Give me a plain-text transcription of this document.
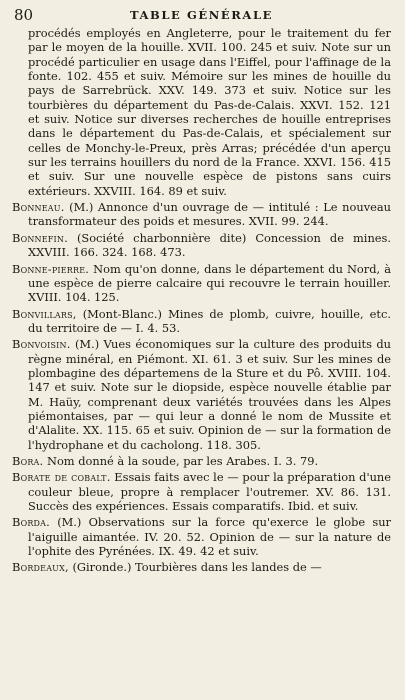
80	TABLE GÉNÉRALE

procédés employés en Angleterre, pour le traitement du fer par le moyen de la houille. XVII. 100. 245 et suiv. Note sur un procédé particulier en usage dans l'Eiffel, pour l'affinage de la fonte. 102. 455 et suiv. Mémoire sur les mines de houille du pays de Sarrebrück. XXV. 149. 373 et suiv. Notice sur les tourbières du département du Pas-de-Calais. XXVI. 152. 121 et suiv. Notice sur diverses recherches de houille entreprises dans le département du Pas-de-Calais, et spécialement sur celles de Monchy-le-Preux, près Arras; précédée d'un aperçu sur les terrains houillers du nord de la France. XXVI. 156. 415 et suiv. Sur une nouvelle espèce de pistons sans cuirs extérieurs. XXVIII. 164. 89 et suiv.

Bonneau. (M.) Annonce d'un ouvrage de — intitulé : Le nouveau transformateur des poids et mesures. XVII. 99. 244.

Bonnefin. (Société charbonnière dite) Concession de mines. XXVIII. 166. 324. 168. 473.

Bonne-pierre. Nom qu'on donne, dans le département du Nord, à une espèce de pierre calcaire qui recouvre le terrain houiller. XVIII. 104. 125.

Bonvillars, (Mont-Blanc.) Mines de plomb, cuivre, houille, etc. du territoire de — I. 4. 53.

Bonvoisin. (M.) Vues économiques sur la culture des produits du règne minéral, en Piémont. XI. 61. 3 et suiv. Sur les mines de plombagine des départemens de la Sture et du Pô. XVIII. 104. 147 et suiv. Note sur le diopside, espèce nouvelle établie par M. Haüy, comprenant deux variétés trouvées dans les Alpes piémontaises, par — qui leur a donné le nom de Mussite et d'Alalite. XX. 115. 65 et suiv. Opinion de — sur la formation de l'hydrophane et du cacholong. 118. 305.

Bora. Nom donné à la soude, par les Arabes. I. 3. 79.

Borate de cobalt. Essais faits avec le — pour la préparation d'une couleur bleue, propre à remplacer l'outremer. XV. 86. 131. Succès des expériences. Essais comparatifs. Ibid. et suiv.

Borda. (M.) Observations sur la force qu'exerce le globe sur l'aiguille aimantée. IV. 20. 52. Opinion de — sur la nature de l'ophite des Pyrénées. IX. 49. 42 et suiv.

Bordeaux, (Gironde.) Tourbières dans les landes de —
